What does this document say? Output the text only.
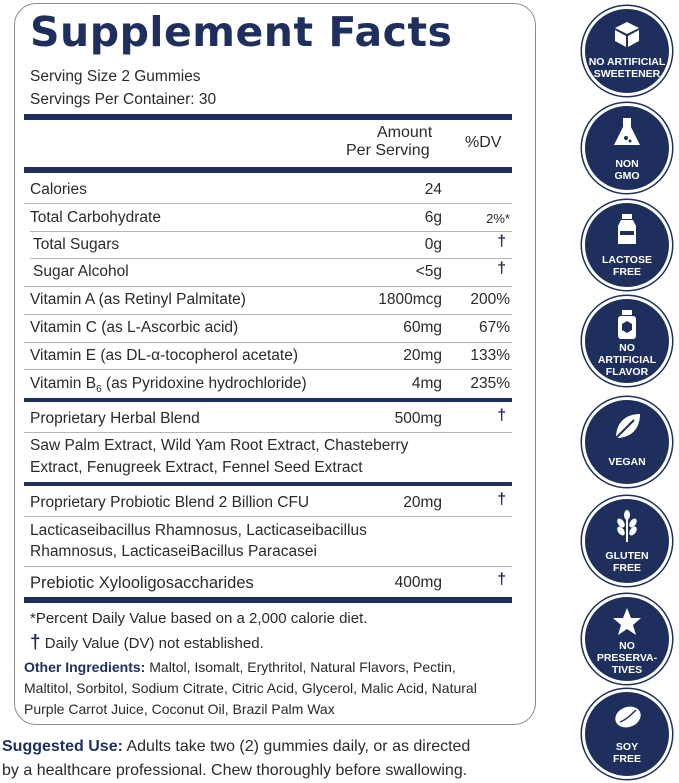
Supplement Facts
Serving Size 2 Gummies
Servings Per Container: 30
Amount
Per Serving %DV
Calories	24
Total Carbohydrate	6g	2%*
Total Sugars	0g	†
Sugar Alcohol	<5g	†
Vitamin A (as Retinyl Palmitate)	1800mcg 200%
Vitamin C (as L-Ascorbic acid)	60mg 67%
Vitamin E (as DL-α-tocopherol acetate)	20mg 133%
Vitamin $B_6$ (as Pyridoxine hydrochloride)	4mg 235%
Proprietary Herbal Blend	500mg	†
Saw Palm Extract, Wild Yam Root Extract, Chasteberry
Extract, Fenugreek Extract, Fennel Seed Extract
Proprietary Probiotic Blend 2 Billion CFU	20mg	†
Lacticaseibacillus Rhamnosus, Lacticaseibacillus
Rhamnosus, LacticaseiBacillus Paracasei
Prebiotic Xylooligosaccharides	400mg	†
*Percent Daily Value based on a 2,000 calorie diet.
† Daily Value (DV) not established.
Other Ingredients: Maltol, Isomalt, Erythritol, Natural Flavors, Pectin,
Maltitol, Sorbitol, Sodium Citrate, Citric Acid, Glycerol, Malic Acid, Natural
Purple Carrot Juice, Coconut Oil, Brazil Palm Wax
Suggested Use: Adults take two (2) gummies daily, or as directed
by a healthcare professional. Chew thoroughly before swallowing.
NO ARTIFICIAL
SWEETENER
NON
GMO
LACTOSE
FREE
NO
ARTIFICIAL
FLAVOR
VEGAN
GLUTEN
FREE
NO
PRESERVA-
TIVES
SOY
FREE
